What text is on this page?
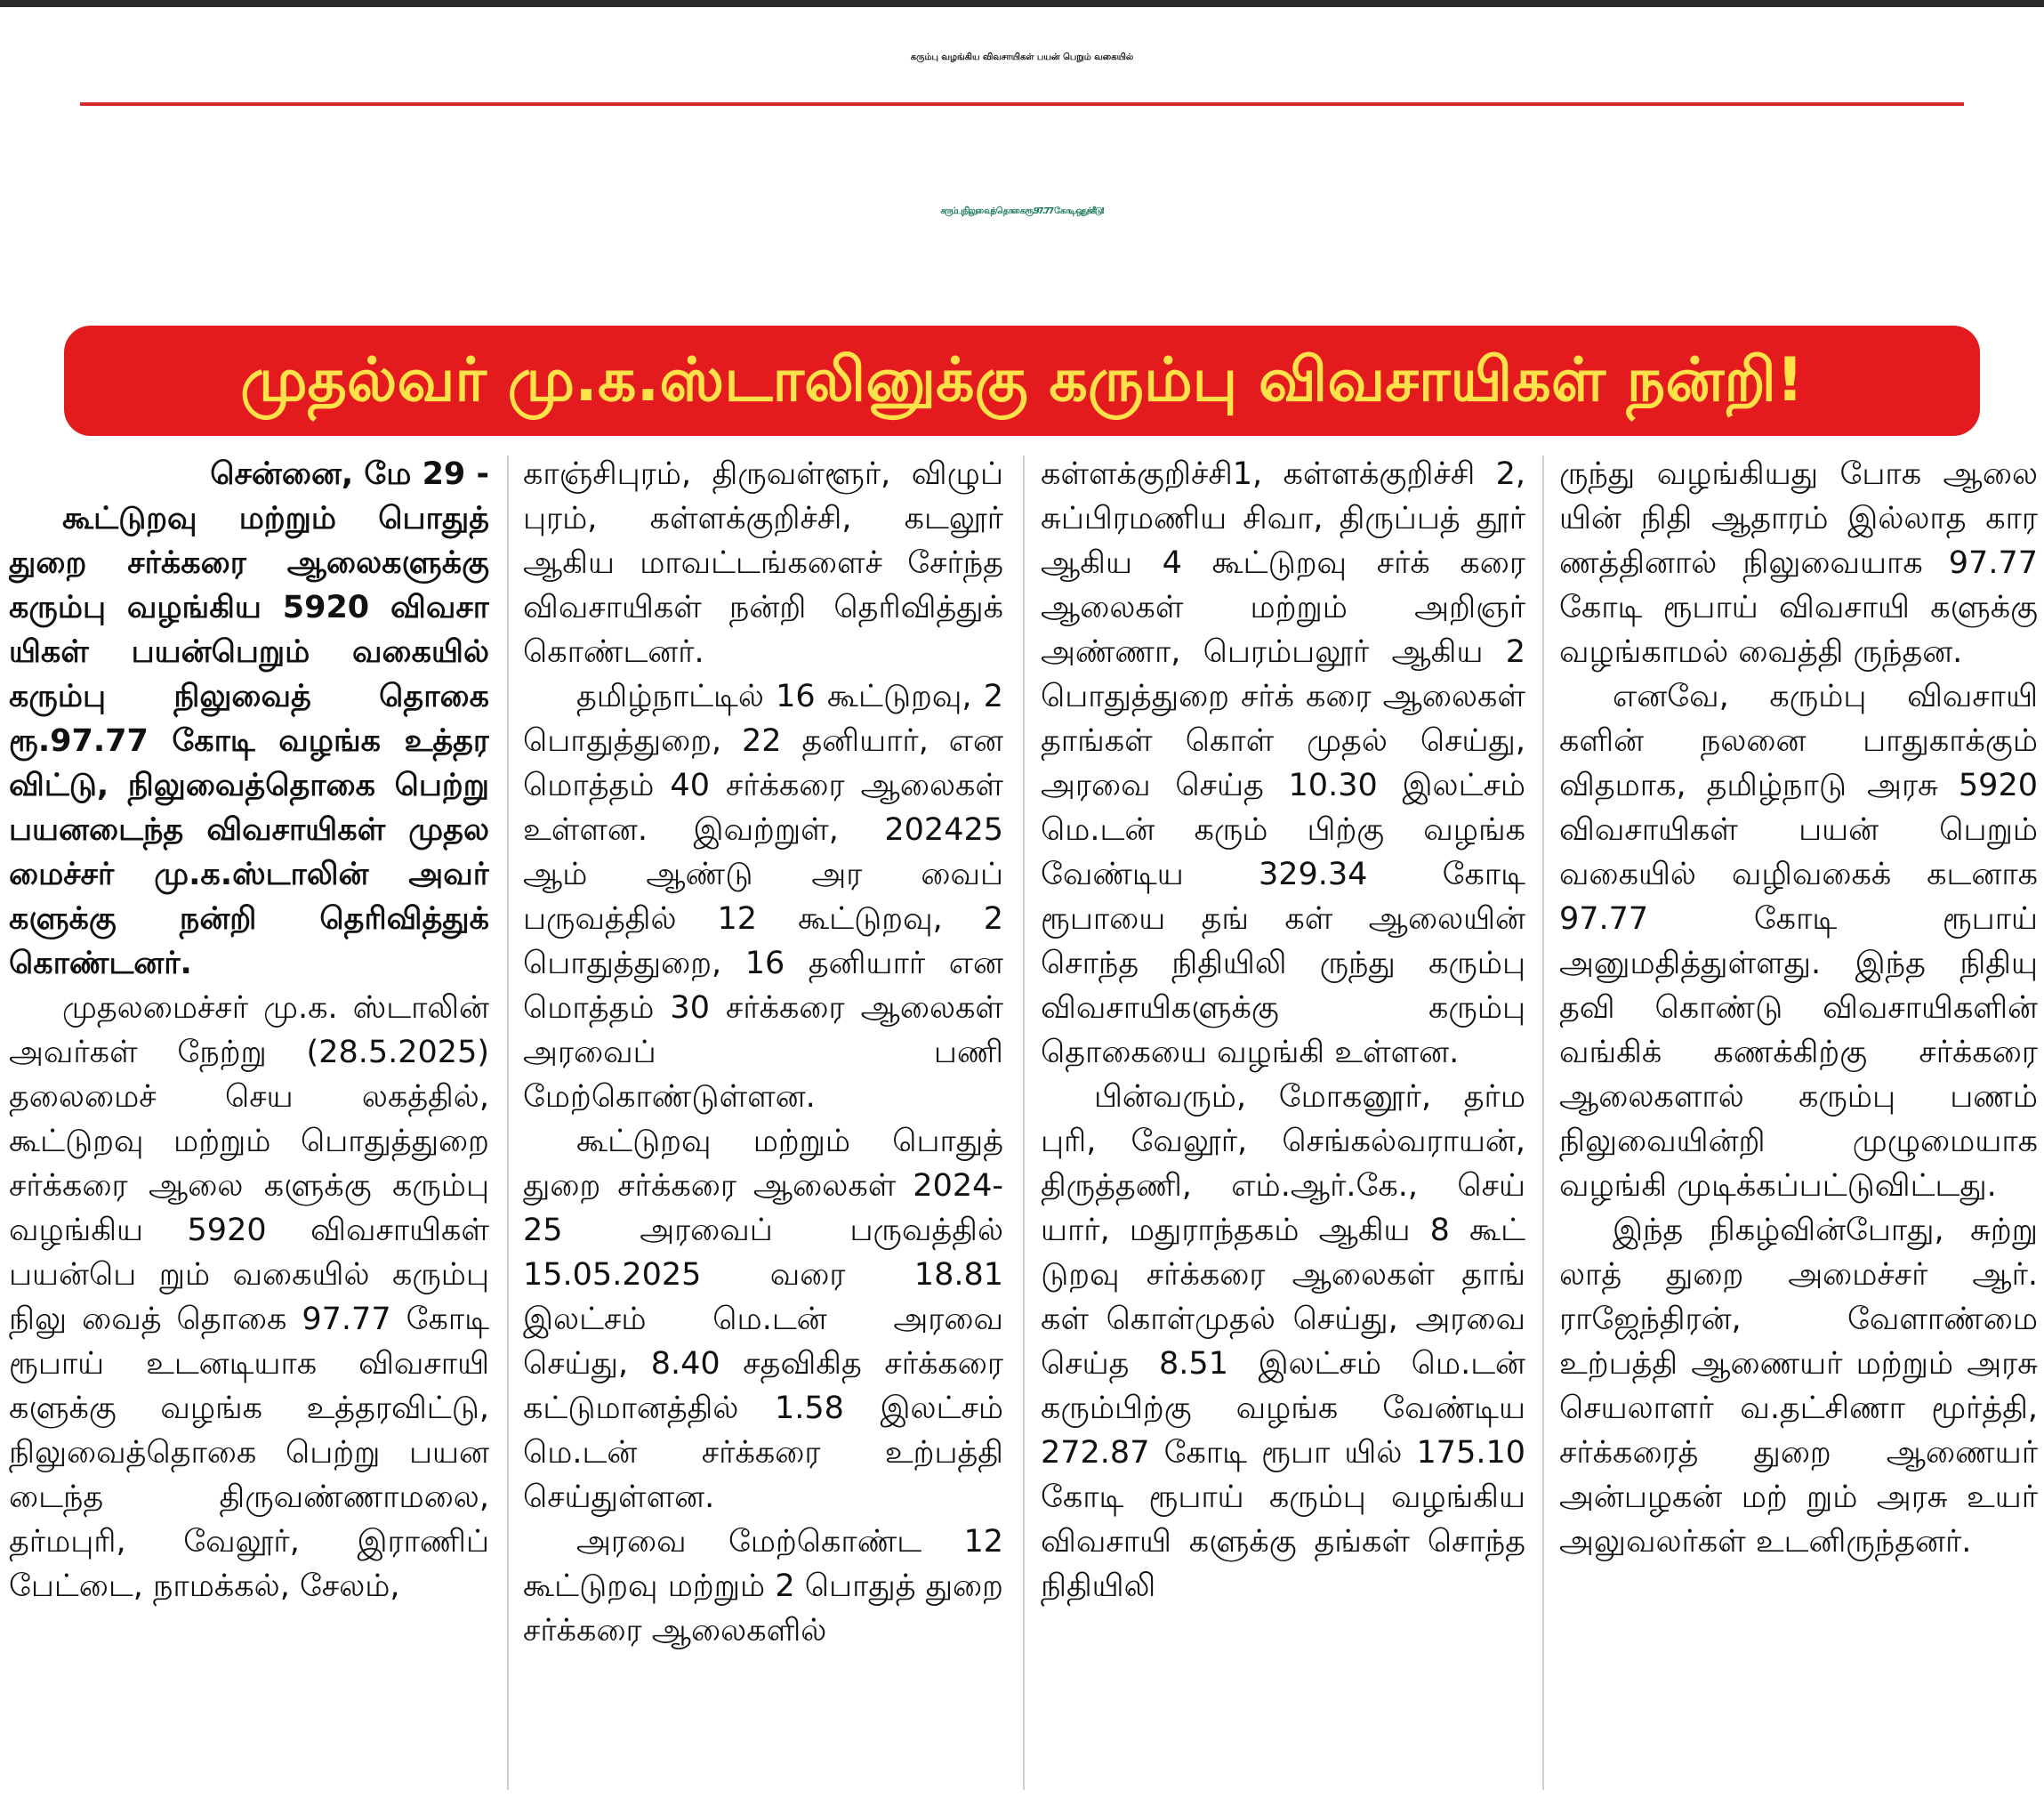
கரும்பு வழங்கிய விவசாயிகள் பயன் பெறும் வகையில்
கரும்பு நிலுவைத் தொகை ரூ.97.77 கோடி ஒதுக்கீடு!
முதல்வர் மு.க.ஸ்டாலினுக்கு கரும்பு விவசாயிகள் நன்றி!

சென்னை, மே 29 -

கூட்டுறவு மற்றும் பொதுத் துறை சர்க்கரை ஆலைகளுக்கு கரும்பு வழங்கிய 5920 விவசா யிகள் பயன்பெறும் வகையில் கரும்பு நிலுவைத் தொகை ரூ.97.77 கோடி வழங்க உத்தர விட்டு, நிலுவைத்தொகை பெற்று பயனடைந்த விவசாயிகள் முதல மைச்சர் மு.க.ஸ்டாலின் அவர் களுக்கு நன்றி தெரிவித்துக் கொண்டனர்.

முதலமைச்சர் மு.க. ஸ்டாலின் அவர்கள் நேற்று (28.5.2025) தலைமைச் செய லகத்தில், கூட்டுறவு மற்றும் பொதுத்துறை சர்க்கரை ஆலை களுக்கு கரும்பு வழங்கிய 5920 விவசாயிகள் பயன்பெ றும் வகையில் கரும்பு நிலு வைத் தொகை 97.77 கோடி ரூபாய் உடனடியாக விவசாயி களுக்கு வழங்க உத்தரவிட்டு, நிலுவைத்தொகை பெற்று பயன டைந்த திருவண்ணாமலை, தர்மபுரி, வேலூர், இராணிப் பேட்டை, நாமக்கல், சேலம்,

காஞ்சிபுரம், திருவள்ளூர், விழுப் புரம், கள்ளக்குறிச்சி, கடலூர் ஆகிய மாவட்டங்களைச் சேர்ந்த விவசாயிகள் நன்றி தெரிவித்துக் கொண்டனர்.

தமிழ்நாட்டில் 16 கூட்டுறவு, 2 பொதுத்துறை, 22 தனியார், என மொத்தம் 40 சர்க்கரை ஆலைகள் உள்ளன. இவற்றுள், 202425 ஆம் ஆண்டு அர வைப் பருவத்தில் 12 கூட்டுறவு, 2 பொதுத்துறை, 16 தனியார் என மொத்தம் 30 சர்க்கரை ஆலைகள் அரவைப் பணி மேற்கொண்டுள்ளன.

கூட்டுறவு மற்றும் பொதுத் துறை சர்க்கரை ஆலைகள் 2024-25 அரவைப் பருவத்தில் 15.05.2025 வரை 18.81 இலட்சம் மெ.டன் அரவை செய்து, 8.40 சதவிகித சர்க்கரை கட்டுமானத்தில் 1.58 இலட்சம் மெ.டன் சர்க்கரை உற்பத்தி செய்துள்ளன.

அரவை மேற்கொண்ட 12 கூட்டுறவு மற்றும் 2 பொதுத் துறை சர்க்கரை ஆலைகளில்

கள்ளக்குறிச்சி1, கள்ளக்குறிச்சி 2, சுப்பிரமணிய சிவா, திருப்பத் தூர் ஆகிய 4 கூட்டுறவு சர்க் கரை ஆலைகள் மற்றும் அறிஞர் அண்ணா, பெரம்பலூர் ஆகிய 2 பொதுத்துறை சர்க் கரை ஆலைகள் தாங்கள் கொள் முதல் செய்து, அரவை செய்த 10.30 இலட்சம் மெ.டன் கரும் பிற்கு வழங்க வேண்டிய 329.34 கோடி ரூபாயை தங் கள் ஆலையின் சொந்த நிதியிலி ருந்து கரும்பு விவசாயிகளுக்கு கரும்பு தொகையை வழங்கி உள்ளன.

பின்வரும், மோகனூர், தர்ம புரி, வேலூர், செங்கல்வராயன், திருத்தணி, எம்.ஆர்.கே., செய் யார், மதுராந்தகம் ஆகிய 8 கூட் டுறவு சர்க்கரை ஆலைகள் தாங் கள் கொள்முதல் செய்து, அரவை செய்த 8.51 இலட்சம் மெ.டன் கரும்பிற்கு வழங்க வேண்டிய 272.87 கோடி ரூபா யில் 175.10 கோடி ரூபாய் கரும்பு வழங்கிய விவசாயி களுக்கு தங்கள் சொந்த நிதியிலி

ருந்து வழங்கியது போக ஆலை யின் நிதி ஆதாரம் இல்லாத கார ணத்தினால் நிலுவையாக 97.77 கோடி ரூபாய் விவசாயி களுக்கு வழங்காமல் வைத்தி ருந்தன.

எனவே, கரும்பு விவசாயி களின் நலனை பாதுகாக்கும் விதமாக, தமிழ்நாடு அரசு 5920 விவசாயிகள் பயன் பெறும் வகையில் வழிவகைக் கடனாக 97.77 கோடி ரூபாய் அனுமதித்துள்ளது. இந்த நிதியு தவி கொண்டு விவசாயிகளின் வங்கிக் கணக்கிற்கு சர்க்கரை ஆலைகளால் கரும்பு பணம் நிலுவையின்றி முழுமையாக வழங்கி முடிக்கப்பட்டுவிட்டது.

இந்த நிகழ்வின்போது, சுற்று லாத் துறை அமைச்சர் ஆர். ராஜேந்திரன், வேளாண்மை உற்பத்தி ஆணையர் மற்றும் அரசு செயலாளர் வ.தட்சிணா மூர்த்தி, சர்க்கரைத் துறை ஆணையர் அன்பழகன் மற் றும் அரசு உயர் அலுவலர்கள் உடனிருந்தனர்.
